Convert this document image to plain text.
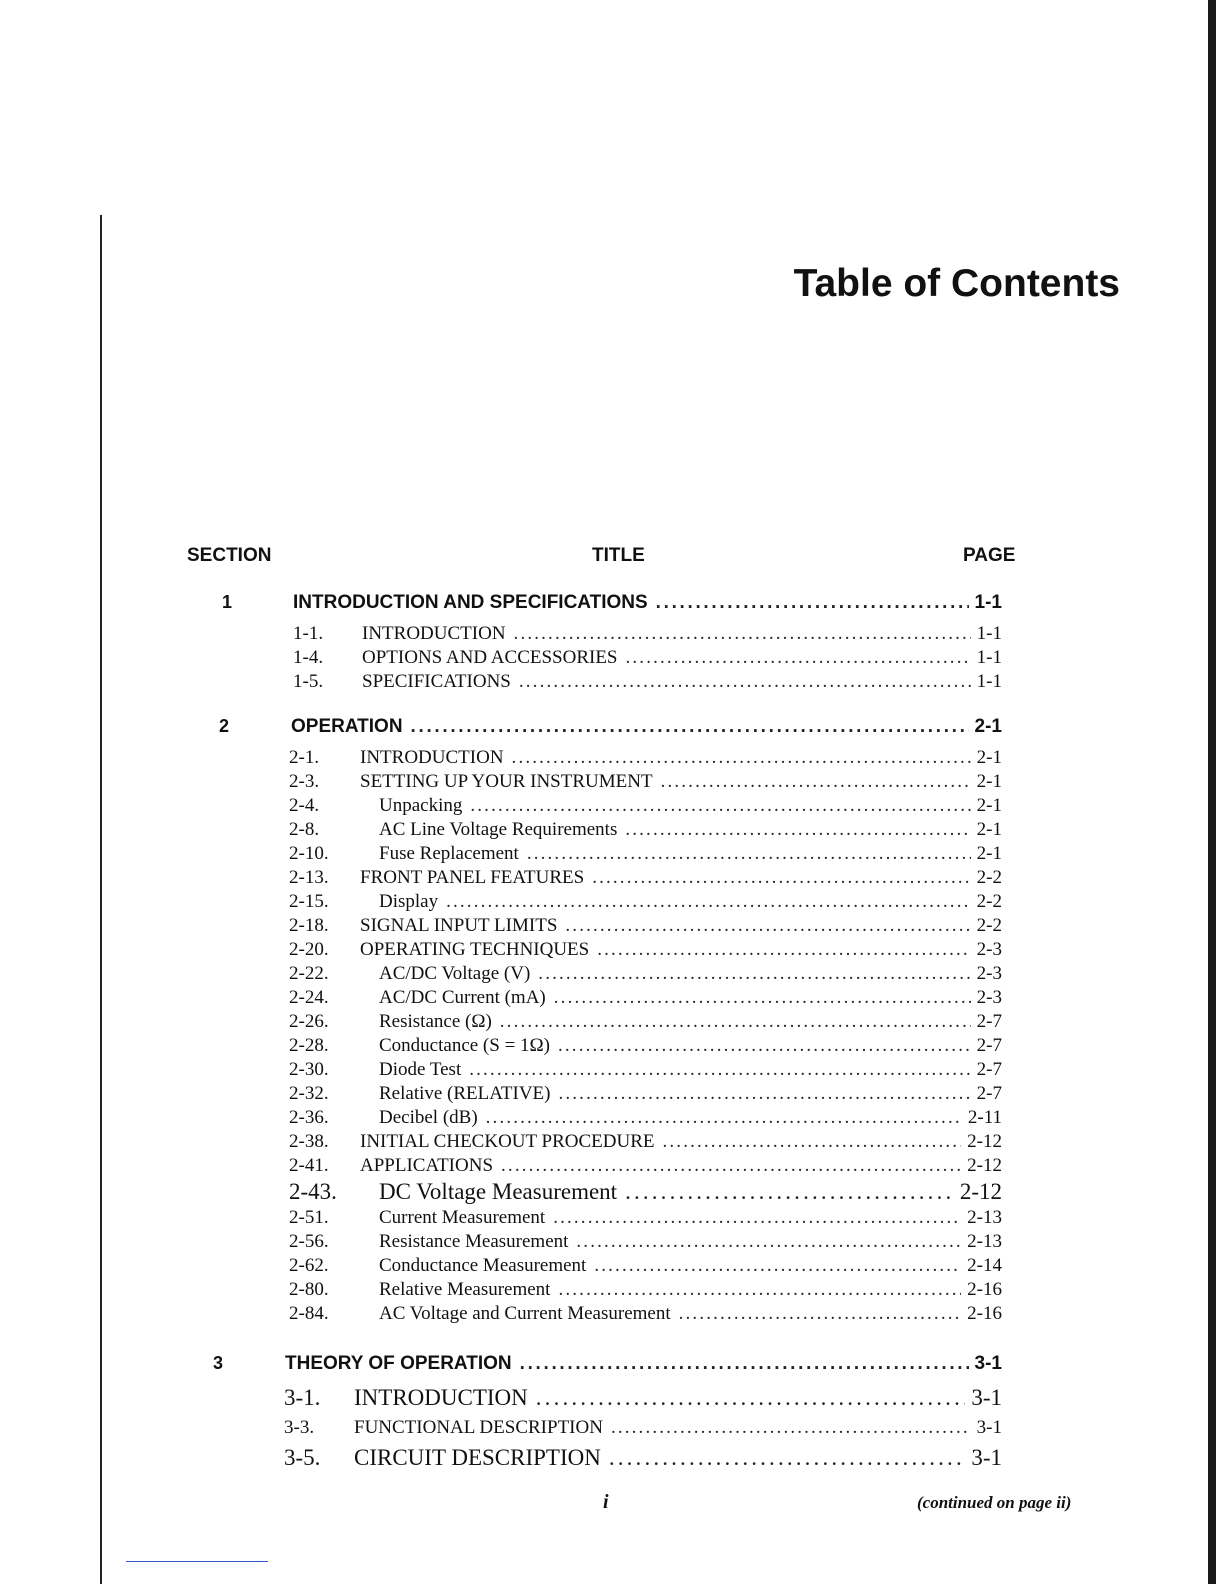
Table of Contents
SECTION	TITLE	PAGE
1	INTRODUCTION AND SPECIFICATIONS . . .	1-1
1-1.	INTRODUCTION . . .	1-1
1-4.	OPTIONS AND ACCESSORIES . . .	1-1
1-5.	SPECIFICATIONS . . .	1-1
2	OPERATION . . .	2-1
2-1.	INTRODUCTION . . .	2-1
2-3.	SETTING UP YOUR INSTRUMENT . . .	2-1
2-4.	Unpacking . . .	2-1
2-8.	AC Line Voltage Requirements . . .	2-1
2-10.	Fuse Replacement . . .	2-1
2-13.	FRONT PANEL FEATURES . . .	2-2
2-15.	Display . . .	2-2
2-18.	SIGNAL INPUT LIMITS . . .	2-2
2-20.	OPERATING TECHNIQUES . . .	2-3
2-22.	AC/DC Voltage (V) . . .	2-3
2-24.	AC/DC Current (mA) . . .	2-3
2-26.	Resistance (Ω) . . .	2-7
2-28.	Conductance (S = 1Ω) . . .	2-7
2-30.	Diode Test . . .	2-7
2-32.	Relative (RELATIVE) . . .	2-7
2-36.	Decibel (dB) . . .	2-11
2-38.	INITIAL CHECKOUT PROCEDURE . . .	2-12
2-41.	APPLICATIONS . . .	2-12
2-43.	DC Voltage Measurement . . .	2-12
2-51.	Current Measurement . . .	2-13
2-56.	Resistance Measurement . . .	2-13
2-62.	Conductance Measurement . . .	2-14
2-80.	Relative Measurement . . .	2-16
2-84.	AC Voltage and Current Measurement . . .	2-16
3	THEORY OF OPERATION . . .	3-1
3-1.	INTRODUCTION . . .	3-1
3-3.	FUNCTIONAL DESCRIPTION . . .	3-1
3-5.	CIRCUIT DESCRIPTION . . .	3-1
i	(continued on page ii)
